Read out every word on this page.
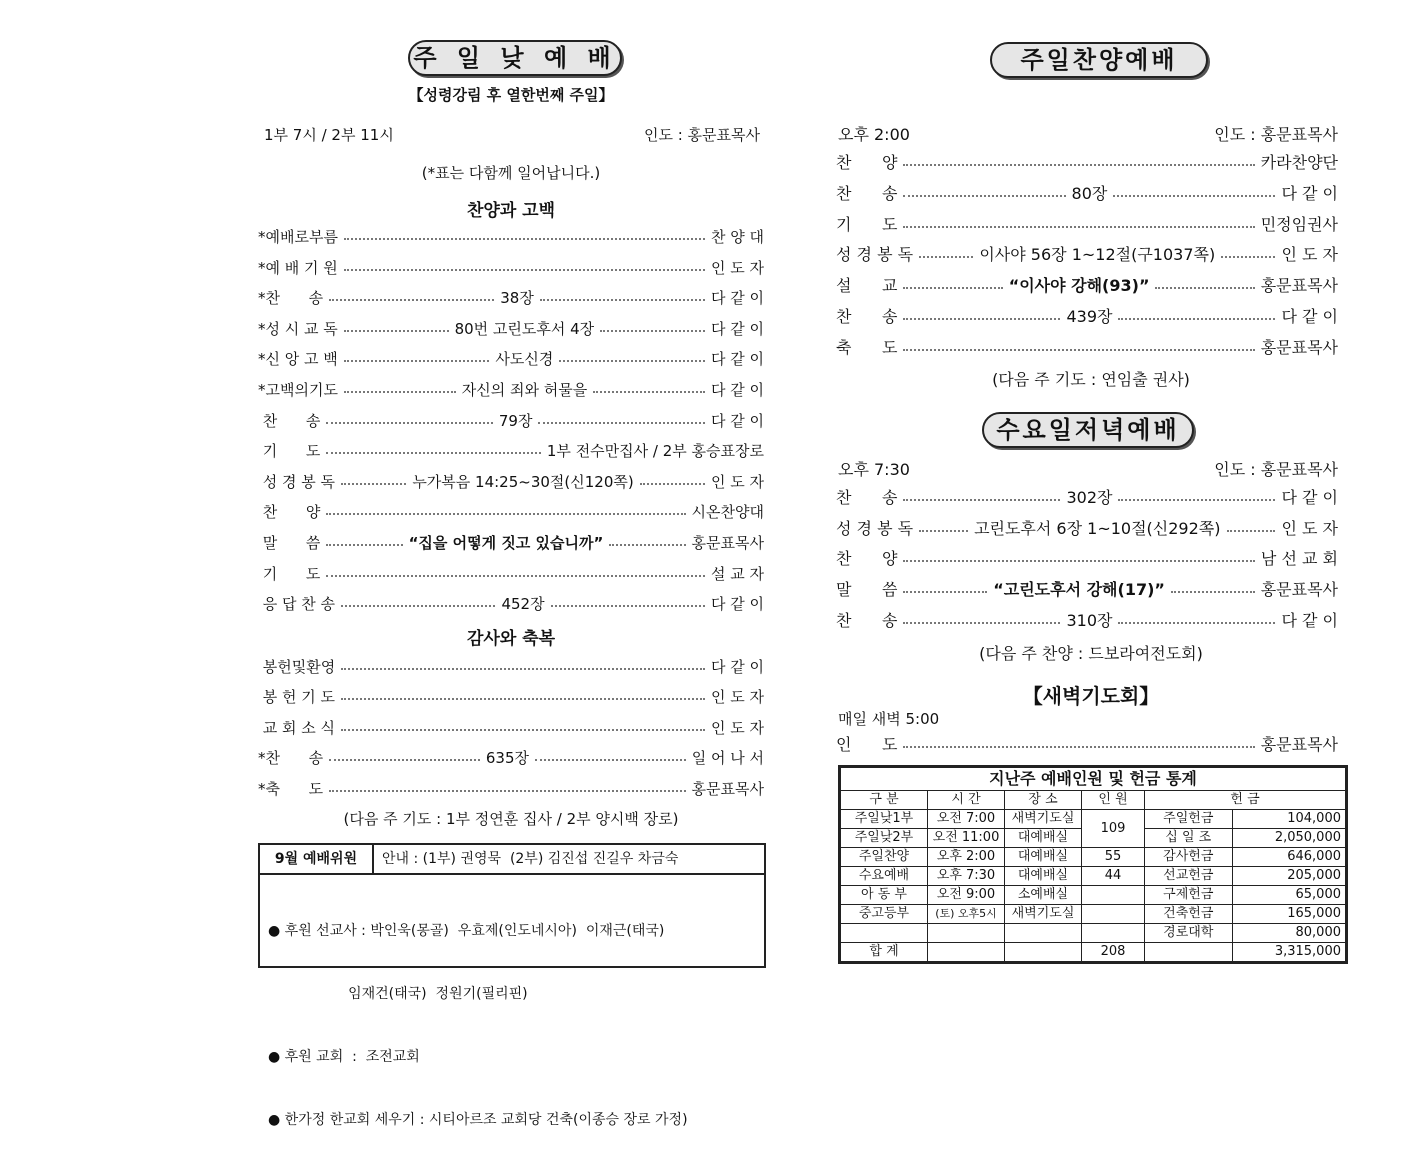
주 일 낮 예 배
【성령강림 후 열한번째 주일】
1부 7시 / 2부 11시	인도 : 홍문표목사
(*표는 다함께 일어납니다.)
찬양과 고백
*예배로부름	찬 양 대
*예 배 기 원	인 도 자
*찬      송	38장	다 같 이
*성 시 교 독	80번 고린도후서 4장	다 같 이
*신 앙 고 백	사도신경	다 같 이
*고백의기도	자신의 죄와 허물을	다 같 이
찬      송	79장	다 같 이
기      도	1부 전수만집사 / 2부 홍승표장로
성 경 봉 독	누가복음 14:25~30절(신120쪽)	인 도 자
찬      양	시온찬양대
말      씀	“집을 어떻게 짓고 있습니까”	홍문표목사
기      도	설 교 자
응 답 찬 송	452장	다 같 이
감사와 축복
봉헌및환영	다 같 이
봉 헌 기 도	인 도 자
교 회 소 식	인 도 자
*찬      송	635장	일 어 나 서
*축      도	홍문표목사
(다음 주 기도 : 1부 정연훈 집사 / 2부 양시백 장로)
9월 예배위원	안내 : (1부) 권영묵  (2부) 김진섭 진길우 차금숙

● 후원 선교사 : 박인욱(몽골)  우효제(인도네시아)  이재근(태국)

임재건(태국)  정원기(필리핀)

● 후원 교회  :  조전교회

● 한가정 한교회 세우기 : 시티아르조 교회당 건축(이종승 장로 가정)

주일찬양예배
오후 2:00	인도 : 홍문표목사
찬      양	카라찬양단
찬      송	80장	다 같 이
기      도	민정임권사
성 경 봉 독	이사야 56장 1~12절(구1037쪽)	인 도 자
설      교	“이사야 강해(93)”	홍문표목사
찬      송	439장	다 같 이
축      도	홍문표목사
(다음 주 기도 : 연임출 권사)
수요일저녁예배
오후 7:30	인도 : 홍문표목사
찬      송	302장	다 같 이
성 경 봉 독	고린도후서 6장 1~10절(신292쪽)	인 도 자
찬      양	남 선 교 회
말      씀	“고린도후서 강해(17)”	홍문표목사
찬      송	310장	다 같 이
(다음 주 찬양 : 드보라여전도회)
【새벽기도회】
매일 새벽 5:00
인      도	홍문표목사
지난주 예배인원 및 헌금 통계					
구 분	시 간	장 소	인 원	헌 금	
주일낮1부	오전 7:00	새벽기도실	109	주일헌금	104,000
주일낮2부	오전 11:00	대예배실		십 일 조	2,050,000
주일찬양	오후 2:00	대예배실	55	감사헌금	646,000
수요예배	오후 7:30	대예배실	44	선교헌금	205,000
아 동 부	오전 9:00	소예배실		구제헌금	65,000
중고등부	(토) 오후5시	새벽기도실		건축헌금	165,000
				경로대학	80,000
합 계			208		3,315,000
